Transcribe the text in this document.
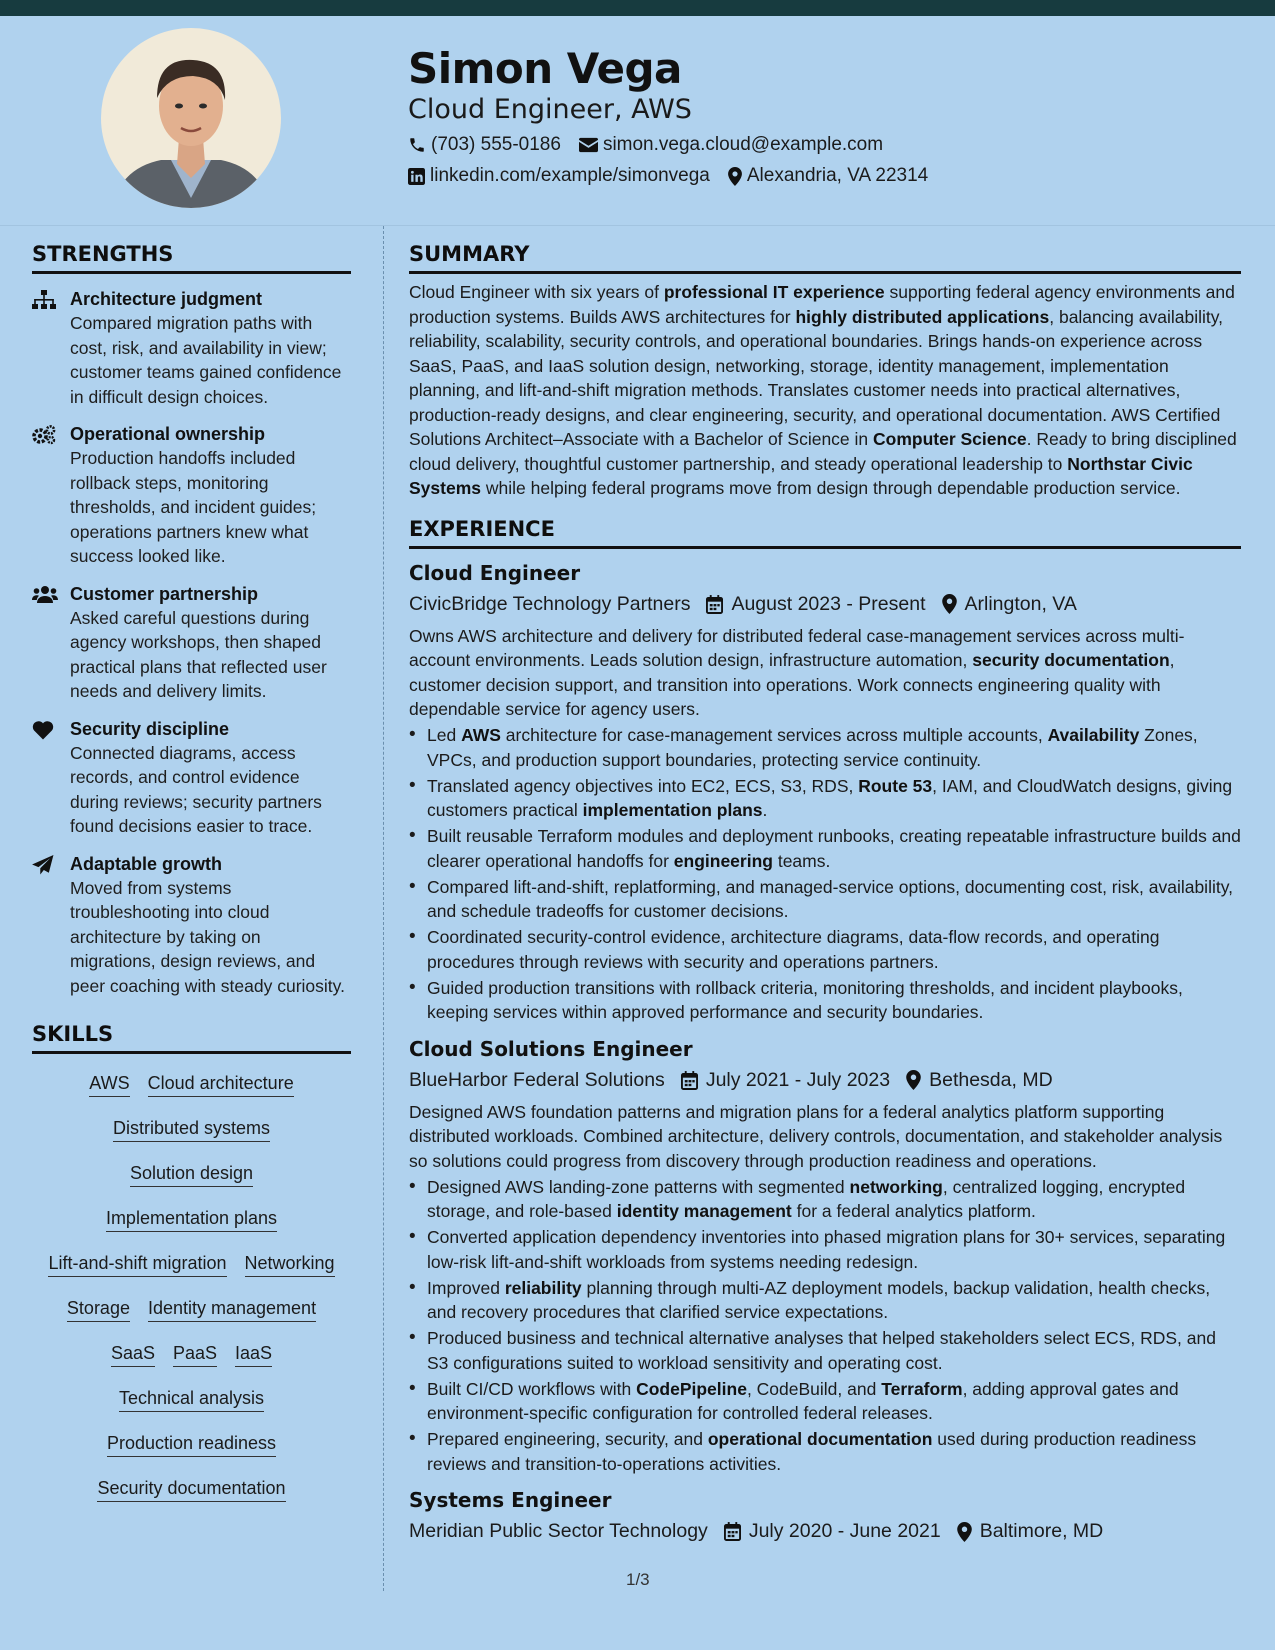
Simon Vega
Cloud Engineer, AWS
(703) 555-0186 simon.vega.cloud@example.com
linkedin.com/example/simonvega Alexandria, VA 22314
STRENGTHS
Architecture judgment
Compared migration paths with cost, risk, and availability in view; customer teams gained confidence in difficult design choices.
Operational ownership
Production handoffs included rollback steps, monitoring thresholds, and incident guides; operations partners knew what success looked like.
Customer partnership
Asked careful questions during agency workshops, then shaped practical plans that reflected user needs and delivery limits.
Security discipline
Connected diagrams, access records, and control evidence during reviews; security partners found decisions easier to trace.
Adaptable growth
Moved from systems troubleshooting into cloud architecture by taking on migrations, design reviews, and peer coaching with steady curiosity.
SKILLS
AWS Cloud architecture
Distributed systems
Solution design
Implementation plans
Lift-and-shift migration Networking
Storage Identity management
SaaS PaaS IaaS
Technical analysis
Production readiness
Security documentation
SUMMARY
Cloud Engineer with six years of professional IT experience supporting federal agency environments and production systems. Builds AWS architectures for highly distributed applications, balancing availability, reliability, scalability, security controls, and operational boundaries. Brings hands-on experience across SaaS, PaaS, and IaaS solution design, networking, storage, identity management, implementation planning, and lift-and-shift migration methods. Translates customer needs into practical alternatives, production-ready designs, and clear engineering, security, and operational documentation. AWS Certified Solutions Architect–Associate with a Bachelor of Science in Computer Science. Ready to bring disciplined cloud delivery, thoughtful customer partnership, and steady operational leadership to Northstar Civic Systems while helping federal programs move from design through dependable production service.
EXPERIENCE
Cloud Engineer
CivicBridge Technology Partners August 2023 - Present Arlington, VA
Owns AWS architecture and delivery for distributed federal case-management services across multi-account environments. Leads solution design, infrastructure automation, security documentation, customer decision support, and transition into operations. Work connects engineering quality with dependable service for agency users.
• Led AWS architecture for case-management services across multiple accounts, Availability Zones, VPCs, and production support boundaries, protecting service continuity.
• Translated agency objectives into EC2, ECS, S3, RDS, Route 53, IAM, and CloudWatch designs, giving customers practical implementation plans.
• Built reusable Terraform modules and deployment runbooks, creating repeatable infrastructure builds and clearer operational handoffs for engineering teams.
• Compared lift-and-shift, replatforming, and managed-service options, documenting cost, risk, availability, and schedule tradeoffs for customer decisions.
• Coordinated security-control evidence, architecture diagrams, data-flow records, and operating procedures through reviews with security and operations partners.
• Guided production transitions with rollback criteria, monitoring thresholds, and incident playbooks, keeping services within approved performance and security boundaries.
Cloud Solutions Engineer
BlueHarbor Federal Solutions July 2021 - July 2023 Bethesda, MD
Designed AWS foundation patterns and migration plans for a federal analytics platform supporting distributed workloads. Combined architecture, delivery controls, documentation, and stakeholder analysis so solutions could progress from discovery through production readiness and operations.
• Designed AWS landing-zone patterns with segmented networking, centralized logging, encrypted storage, and role-based identity management for a federal analytics platform.
• Converted application dependency inventories into phased migration plans for 30+ services, separating low-risk lift-and-shift workloads from systems needing redesign.
• Improved reliability planning through multi-AZ deployment models, backup validation, health checks, and recovery procedures that clarified service expectations.
• Produced business and technical alternative analyses that helped stakeholders select ECS, RDS, and S3 configurations suited to workload sensitivity and operating cost.
• Built CI/CD workflows with CodePipeline, CodeBuild, and Terraform, adding approval gates and environment-specific configuration for controlled federal releases.
• Prepared engineering, security, and operational documentation used during production readiness reviews and transition-to-operations activities.
Systems Engineer
Meridian Public Sector Technology July 2020 - June 2021 Baltimore, MD
1/3
